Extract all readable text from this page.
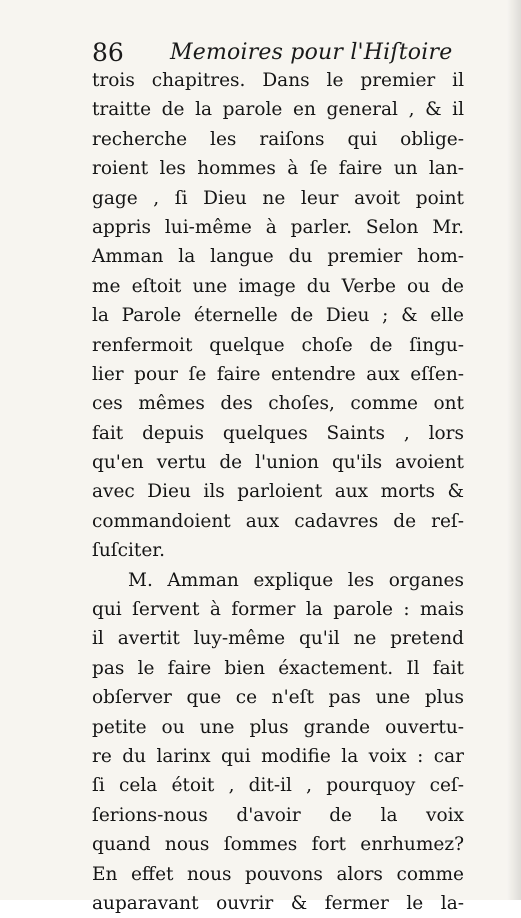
86 Memoires pour l'Hiſtoire
trois chapitres. Dans le premier il
traitte de la parole en general , & il
recherche les raiſons qui oblige-
roient les hommes à ſe faire un lan-
gage , ſi Dieu ne leur avoit point
appris lui-même à parler. Selon Mr.
Amman la langue du premier hom-
me eſtoit une image du Verbe ou de
la Parole éternelle de Dieu ; & elle
renfermoit quelque choſe de ſingu-
lier pour ſe faire entendre aux eſſen-
ces mêmes des choſes, comme ont
fait depuis quelques Saints , lors
qu'en vertu de l'union qu'ils avoient
avec Dieu ils parloient aux morts &
commandoient aux cadavres de reſ-
ſuſciter.
M. Amman explique les organes
qui ſervent à former la parole : mais
il avertit luy-même qu'il ne pretend
pas le faire bien éxactement. Il fait
obſerver que ce n'eſt pas une plus
petite ou une plus grande ouvertu-
re du larinx qui modifie la voix : car
ſi cela étoit , dit-il , pourquoy ceſ-
ſerions-nous d'avoir de la voix
quand nous ſommes fort enrhumez?
En effet nous pouvons alors comme
auparavant ouvrir & fermer le la-
